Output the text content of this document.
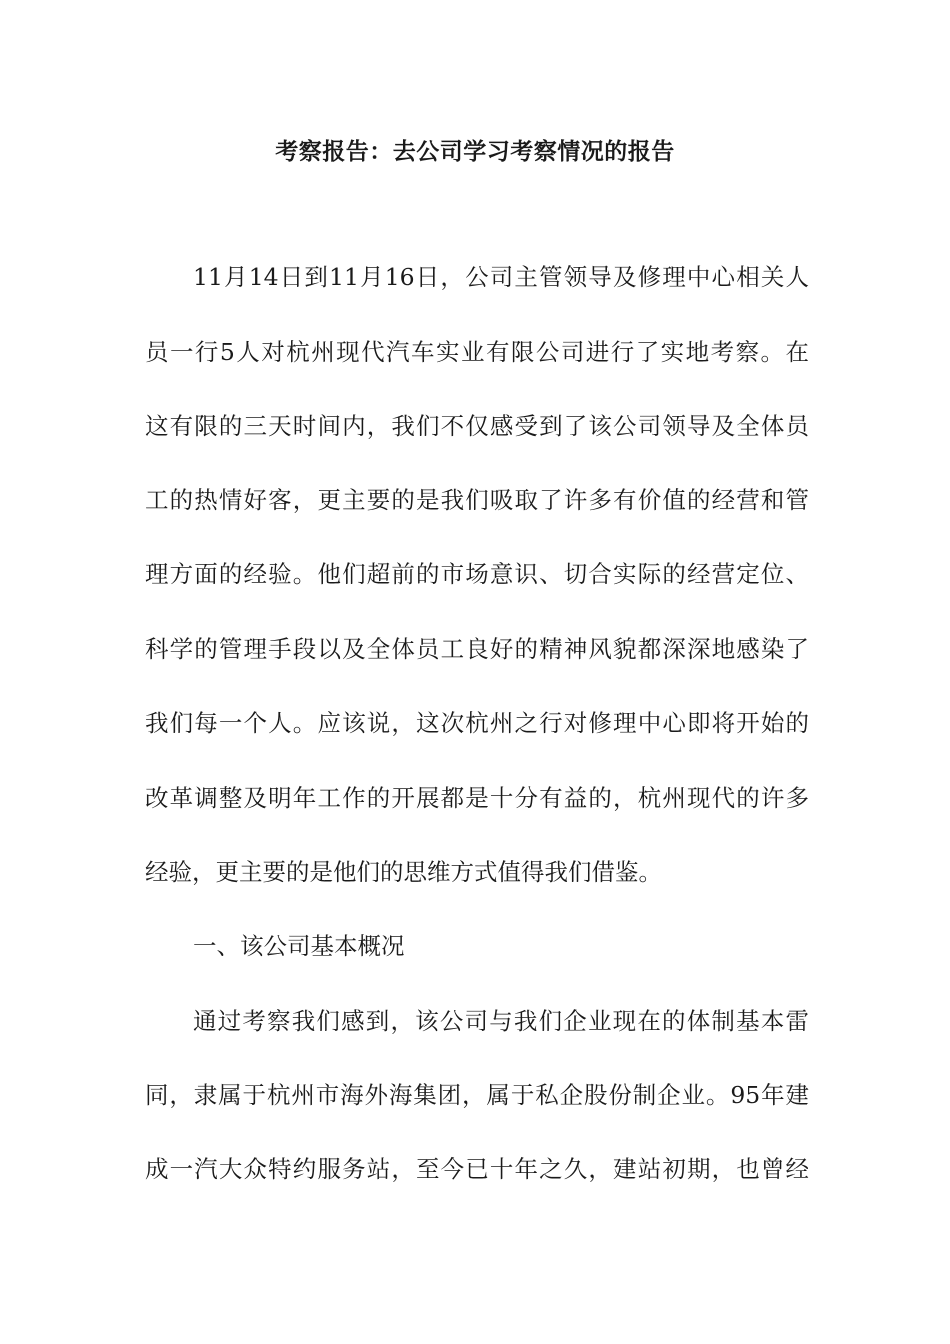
考察报告：去公司学习考察情况的报告
11月14日到11月16日，公司主管领导及修理中心相关人
员一行5人对杭州现代汽车实业有限公司进行了实地考察。在
这有限的三天时间内，我们不仅感受到了该公司领导及全体员
工的热情好客，更主要的是我们吸取了许多有价值的经营和管
理方面的经验。他们超前的市场意识、切合实际的经营定位、
科学的管理手段以及全体员工良好的精神风貌都深深地感染了
我们每一个人。应该说，这次杭州之行对修理中心即将开始的
改革调整及明年工作的开展都是十分有益的，杭州现代的许多
经验，更主要的是他们的思维方式值得我们借鉴。
一、该公司基本概况
通过考察我们感到，该公司与我们企业现在的体制基本雷
同，隶属于杭州市海外海集团，属于私企股份制企业。95年建
成一汽大众特约服务站，至今已十年之久，建站初期，也曾经
